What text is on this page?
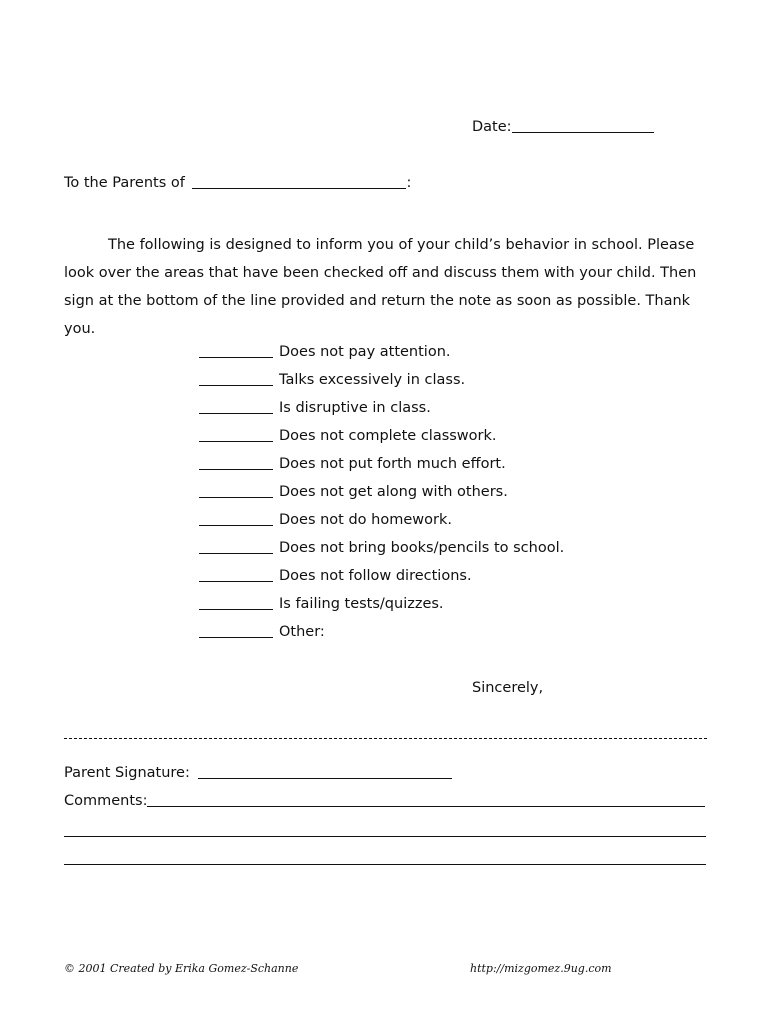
Date:
To the Parents of	:
The following is designed to inform you of your child’s behavior in school. Please look over the areas that have been checked off and discuss them with your child. Then sign at the bottom of the line provided and return the note as soon as possible. Thank you.
Does not pay attention.
Talks excessively in class.
Is disruptive in class.
Does not complete classwork.
Does not put forth much effort.
Does not get along with others.
Does not do homework.
Does not bring books/pencils to school.
Does not follow directions.
Is failing tests/quizzes.
Other:
Sincerely,
Parent Signature:
Comments:
© 2001 Created by Erika Gomez-Schanne	http://mizgomez.9ug.com
